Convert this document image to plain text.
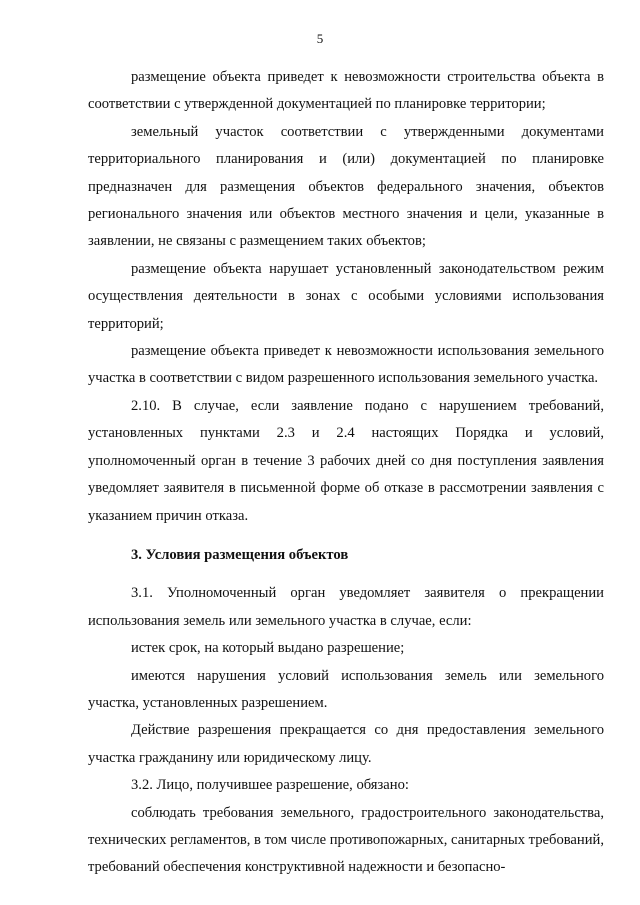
5

размещение объекта приведет к невозможности строительства объекта в соответствии с утвержденной документацией по планировке территории;

земельный участок соответствии с утвержденными документами территориального планирования и (или) документацией по планировке предназначен для размещения объектов федерального значения, объектов регионального значения или объектов местного значения и цели, указанные в заявлении, не связаны с размещением таких объектов;

размещение объекта нарушает установленный законодательством режим осуществления деятельности в зонах с особыми условиями использования территорий;

размещение объекта приведет к невозможности использования земельного участка в соответствии с видом разрешенного использования земельного участка.

2.10. В случае, если заявление подано с нарушением требований, установленных пунктами 2.3 и 2.4 настоящих Порядка и условий, уполномоченный орган в течение 3 рабочих дней со дня поступления заявления уведомляет заявителя в письменной форме об отказе в рассмотрении заявления с указанием причин отказа.

3. Условия размещения объектов

3.1. Уполномоченный орган уведомляет заявителя о прекращении использования земель или земельного участка в случае, если:

истек срок, на который выдано разрешение;

имеются нарушения условий использования земель или земельного участка, установленных разрешением.

Действие разрешения прекращается со дня предоставления земельного участка гражданину или юридическому лицу.

3.2. Лицо, получившее разрешение, обязано:

соблюдать требования земельного, градостроительного законодательства, технических регламентов, в том числе противопожарных, санитарных требований, требований обеспечения конструктивной надежности и безопасно-
